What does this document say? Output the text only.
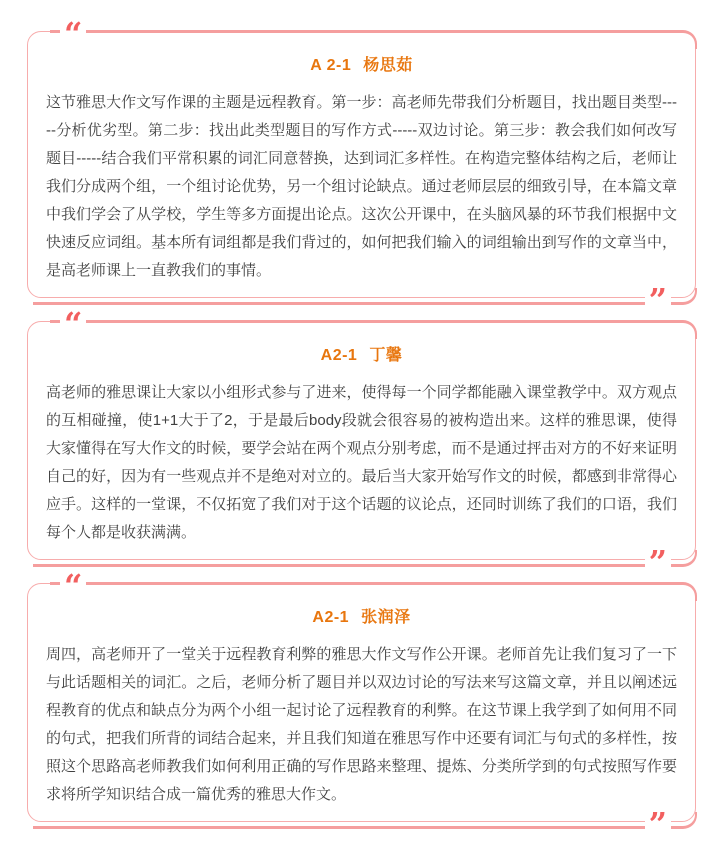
“
A 2-1 杨思茹
这节雅思大作文写作课的主题是远程教育。第一步：高老师先带我们分析题目，找出题目类型-----分析优劣型。第二步：找出此类型题目的写作方式-----双边讨论。第三步：教会我们如何改写题目-----结合我们平常积累的词汇同意替换，达到词汇多样性。在构造完整体结构之后，老师让我们分成两个组，一个组讨论优势，另一个组讨论缺点。通过老师层层的细致引导，在本篇文章中我们学会了从学校，学生等多方面提出论点。这次公开课中，在头脑风暴的环节我们根据中文快速反应词组。基本所有词组都是我们背过的，如何把我们输入的词组输出到写作的文章当中，是高老师课上一直教我们的事情。
”
“
A2-1 丁馨
高老师的雅思课让大家以小组形式参与了进来，使得每一个同学都能融入课堂教学中。双方观点的互相碰撞，使1+1大于了2，于是最后body段就会很容易的被构造出来。这样的雅思课，使得大家懂得在写大作文的时候，要学会站在两个观点分别考虑，而不是通过抨击对方的不好来证明自己的好，因为有一些观点并不是绝对对立的。最后当大家开始写作文的时候，都感到非常得心应手。这样的一堂课，不仅拓宽了我们对于这个话题的议论点，还同时训练了我们的口语，我们每个人都是收获满满。
”
“
A2-1 张润泽
周四，高老师开了一堂关于远程教育利弊的雅思大作文写作公开课。老师首先让我们复习了一下与此话题相关的词汇。之后，老师分析了题目并以双边讨论的写法来写这篇文章，并且以阐述远程教育的优点和缺点分为两个小组一起讨论了远程教育的利弊。在这节课上我学到了如何用不同的句式，把我们所背的词结合起来，并且我们知道在雅思写作中还要有词汇与句式的多样性，按照这个思路高老师教我们如何利用正确的写作思路来整理、提炼、分类所学到的句式按照写作要求将所学知识结合成一篇优秀的雅思大作文。
”
